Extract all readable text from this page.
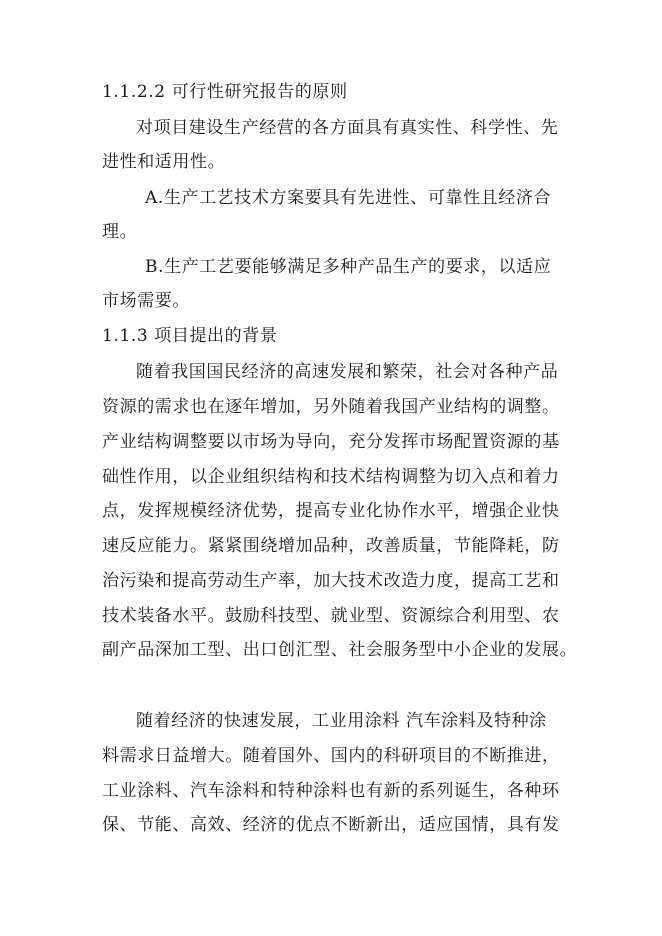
1.1.2.2 可行性研究报告的原则
对项目建设生产经营的各方面具有真实性、科学性、先
进性和适用性。
A.生产工艺技术方案要具有先进性、可靠性且经济合
理。
B.生产工艺要能够满足多种产品生产的要求，以适应
市场需要。
1.1.3 项目提出的背景
随着我国国民经济的高速发展和繁荣，社会对各种产品
资源的需求也在逐年增加，另外随着我国产业结构的调整。
产业结构调整要以市场为导向，充分发挥市场配置资源的基
础性作用，以企业组织结构和技术结构调整为切入点和着力
点，发挥规模经济优势，提高专业化协作水平，增强企业快
速反应能力。紧紧围绕增加品种，改善质量，节能降耗，防
治污染和提高劳动生产率，加大技术改造力度，提高工艺和
技术装备水平。鼓励科技型、就业型、资源综合利用型、农
副产品深加工型、出口创汇型、社会服务型中小企业的发展。
随着经济的快速发展，工业用涂料 汽车涂料及特种涂
料需求日益增大。随着国外、国内的科研项目的不断推进，
工业涂料、汽车涂料和特种涂料也有新的系列诞生，各种环
保、节能、高效、经济的优点不断新出，适应国情，具有发
